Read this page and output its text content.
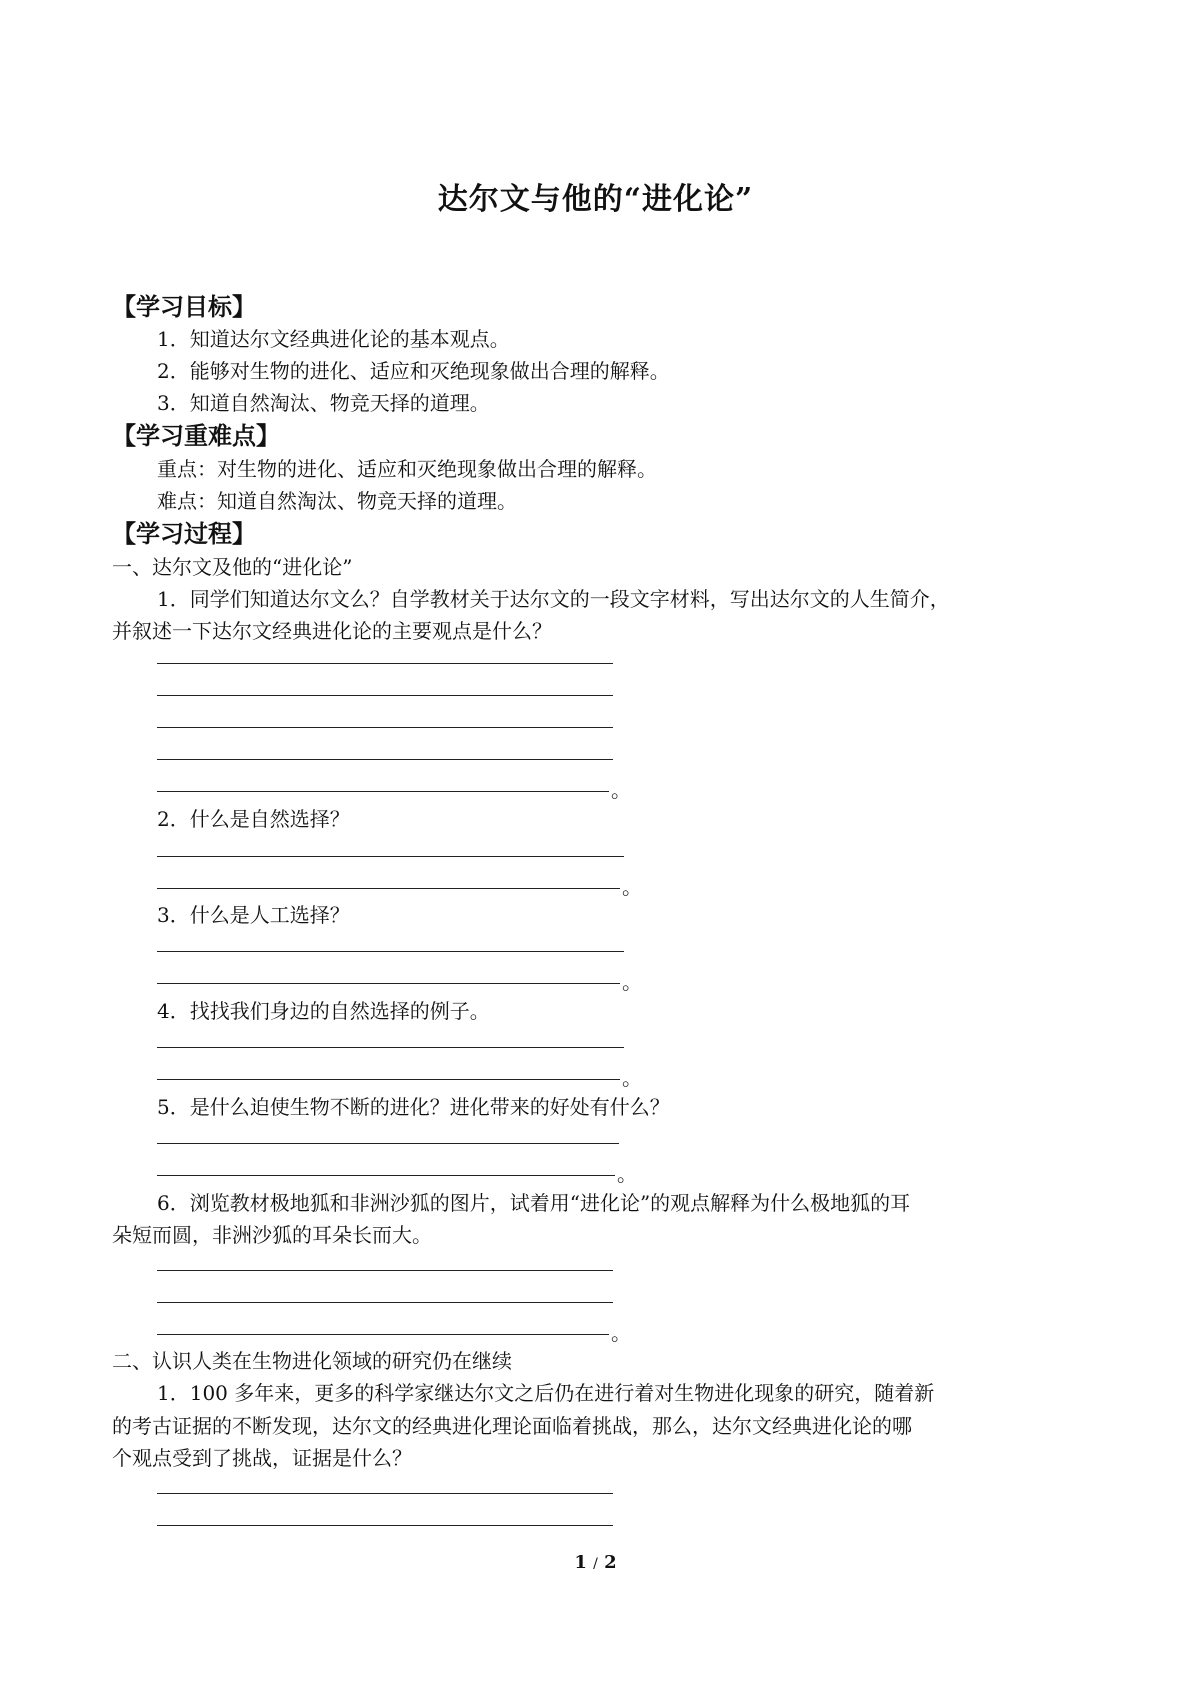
达尔文与他的“进化论”
【学习目标】
1．知道达尔文经典进化论的基本观点。
2．能够对生物的进化、适应和灭绝现象做出合理的解释。
3．知道自然淘汰、物竞天择的道理。
【学习重难点】
重点：对生物的进化、适应和灭绝现象做出合理的解释。
难点：知道自然淘汰、物竞天择的道理。
【学习过程】
一、达尔文及他的“进化论”
1．同学们知道达尔文么？自学教材关于达尔文的一段文字材料，写出达尔文的人生简介，
并叙述一下达尔文经典进化论的主要观点是什么？
。
2．什么是自然选择？
。
3．什么是人工选择？
。
4．找找我们身边的自然选择的例子。
。
5．是什么迫使生物不断的进化？进化带来的好处有什么？
。
6．浏览教材极地狐和非洲沙狐的图片，试着用“进化论”的观点解释为什么极地狐的耳
朵短而圆，非洲沙狐的耳朵长而大。
。
二、认识人类在生物进化领域的研究仍在继续
1．100 多年来，更多的科学家继达尔文之后仍在进行着对生物进化现象的研究，随着新
的考古证据的不断发现，达尔文的经典进化理论面临着挑战，那么，达尔文经典进化论的哪
个观点受到了挑战，证据是什么？
1 / 2
